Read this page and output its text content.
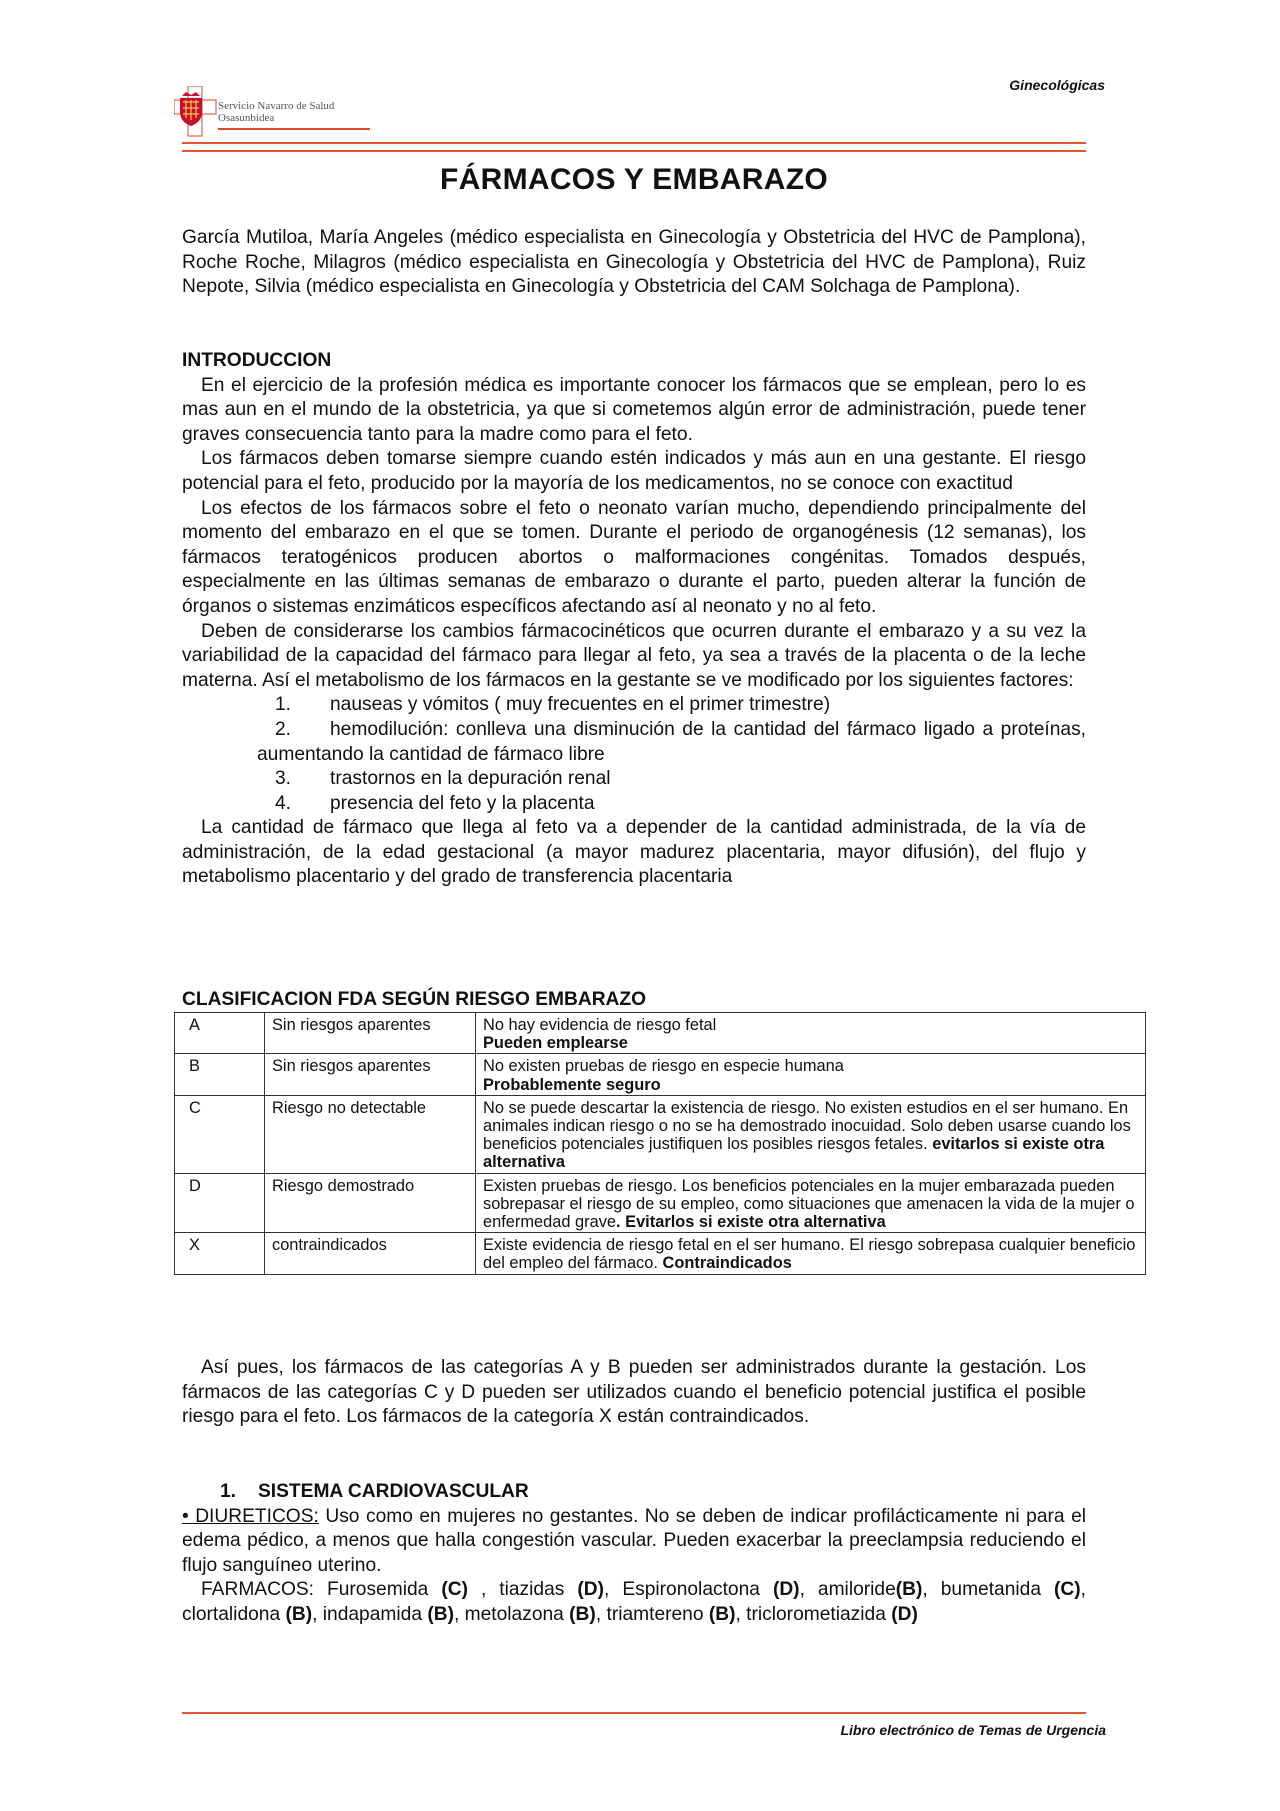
Servicio Navarro de Salud
Osasunbidea
Ginecológicas
FÁRMACOS Y EMBARAZO

García Mutiloa, María Angeles (médico especialista en Ginecología y Obstetricia del HVC de Pamplona), Roche Roche, Milagros (médico especialista en Ginecología y Obstetricia del HVC de Pamplona), Ruiz Nepote, Silvia (médico especialista en Ginecología y Obstetricia del CAM Solchaga de Pamplona).

INTRODUCCION

En el ejercicio de la profesión médica es importante conocer los fármacos que se emplean, pero lo es mas aun en el mundo de la obstetricia, ya que si cometemos algún error de administración, puede tener graves consecuencia tanto para la madre como para el feto.

Los fármacos deben tomarse siempre cuando estén indicados y más aun en una gestante. El riesgo potencial para el feto, producido por la mayoría de los medicamentos, no se conoce con exactitud

Los efectos de los fármacos sobre el feto o neonato varían mucho, dependiendo principalmente del momento del embarazo en el que se tomen. Durante el periodo de organogénesis (12 semanas), los fármacos teratogénicos producen abortos o malformaciones congénitas. Tomados después, especialmente en las últimas semanas de embarazo o durante el parto, pueden alterar la función de órganos o sistemas enzimáticos específicos afectando así al neonato y no al feto.

Deben de considerarse los cambios fármacocinéticos que ocurren durante el embarazo y a su vez la variabilidad de la capacidad del fármaco para llegar al feto, ya sea a través de la placenta o de la leche materna. Así el metabolismo de los fármacos en la gestante se ve modificado por los siguientes factores:

1. nauseas y vómitos ( muy frecuentes en el primer trimestre)
2. hemodilución: conlleva una disminución de la cantidad del fármaco ligado a proteínas, aumentando la cantidad de fármaco libre
3. trastornos en la depuración renal
4. presencia del feto y la placenta

La cantidad de fármaco que llega al feto va a depender de la cantidad administrada, de la vía de administración, de la edad gestacional (a mayor madurez placentaria, mayor difusión), del flujo y metabolismo placentario y del grado de transferencia placentaria

CLASIFICACION FDA SEGÚN RIESGO EMBARAZO

A	Sin riesgos aparentes	No hay evidencia de riesgo fetal
Pueden emplearse
B	Sin riesgos aparentes	No existen pruebas de riesgo en especie humana
Probablemente seguro
C	Riesgo no detectable	No se puede descartar la existencia de riesgo. No existen estudios en el ser humano. En animales indican riesgo o no se ha demostrado inocuidad. Solo deben usarse cuando los beneficios potenciales justifiquen los posibles riesgos fetales. evitarlos si existe otra alternativa
D	Riesgo demostrado	Existen pruebas de riesgo. Los beneficios potenciales en la mujer embarazada pueden sobrepasar el riesgo de su empleo, como situaciones que amenacen la vida de la mujer o enfermedad grave. Evitarlos si existe otra alternativa
X	contraindicados	Existe evidencia de riesgo fetal en el ser humano. El riesgo sobrepasa cualquier beneficio del empleo del fármaco. Contraindicados

Así pues, los fármacos de las categorías A y B pueden ser administrados durante la gestación. Los fármacos de las categorías C y D pueden ser utilizados cuando el beneficio potencial justifica el posible riesgo para el feto. Los fármacos de la categoría X están contraindicados.

1. SISTEMA CARDIOVASCULAR

• DIURETICOS: Uso como en mujeres no gestantes. No se deben de indicar profilácticamente ni para el edema pédico, a menos que halla congestión vascular. Pueden exacerbar la preeclampsia reduciendo el flujo sanguíneo uterino.

FARMACOS: Furosemida (C) , tiazidas (D), Espironolactona (D), amiloride(B), bumetanida (C), clortalidona (B), indapamida (B), metolazona (B), triamtereno (B), triclorometiazida (D)

Libro electrónico de Temas de Urgencia
